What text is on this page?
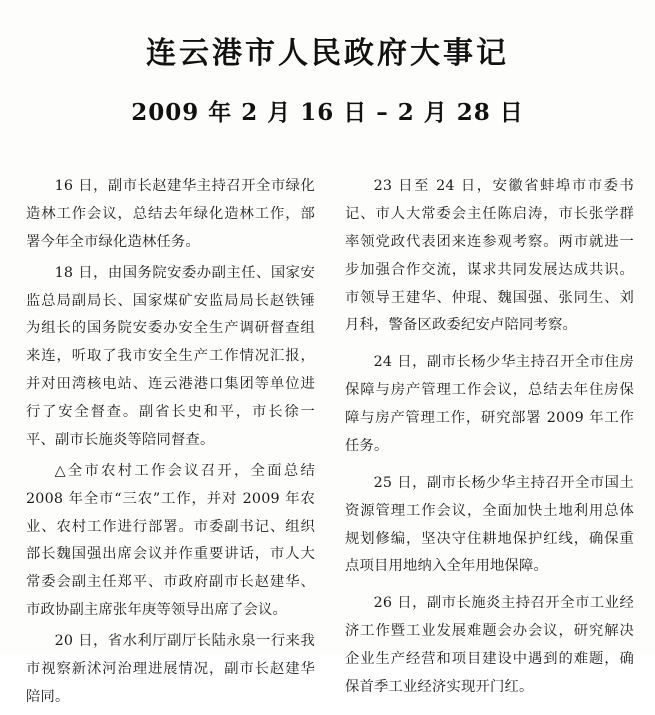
连云港市人民政府大事记
2009 年 2 月 16 日 – 2 月 28 日

16 日，副市长赵建华主持召开全市绿化造林工作会议，总结去年绿化造林工作，部署今年全市绿化造林任务。

18 日，由国务院安委办副主任、国家安监总局副局长、国家煤矿安监局局长赵铁锤为组长的国务院安委办安全生产调研督查组来连，听取了我市安全生产工作情况汇报，并对田湾核电站、连云港港口集团等单位进行了安全督查。副省长史和平，市长徐一平、副市长施炎等陪同督查。

△全市农村工作会议召开，全面总结 2008 年全市“三农”工作，并对 2009 年农业、农村工作进行部署。市委副书记、组织部长魏国强出席会议并作重要讲话，市人大常委会副主任郑平、市政府副市长赵建华、市政协副主席张年庚等领导出席了会议。

20 日，省水利厅副厅长陆永泉一行来我市视察新沭河治理进展情况，副市长赵建华陪同。

23 日至 24 日，安徽省蚌埠市市委书记、市人大常委会主任陈启涛，市长张学群率领党政代表团来连参观考察。两市就进一步加强合作交流，谋求共同发展达成共识。市领导王建华、仲琨、魏国强、张同生、刘月科，警备区政委纪安卢陪同考察。

24 日，副市长杨少华主持召开全市住房保障与房产管理工作会议，总结去年住房保障与房产管理工作，研究部署 2009 年工作任务。

25 日，副市长杨少华主持召开全市国土资源管理工作会议，全面加快土地利用总体规划修编，坚决守住耕地保护红线，确保重点项目用地纳入全年用地保障。

26 日，副市长施炎主持召开全市工业经济工作暨工业发展难题会办会议，研究解决企业生产经营和项目建设中遇到的难题，确保首季工业经济实现开门红。
